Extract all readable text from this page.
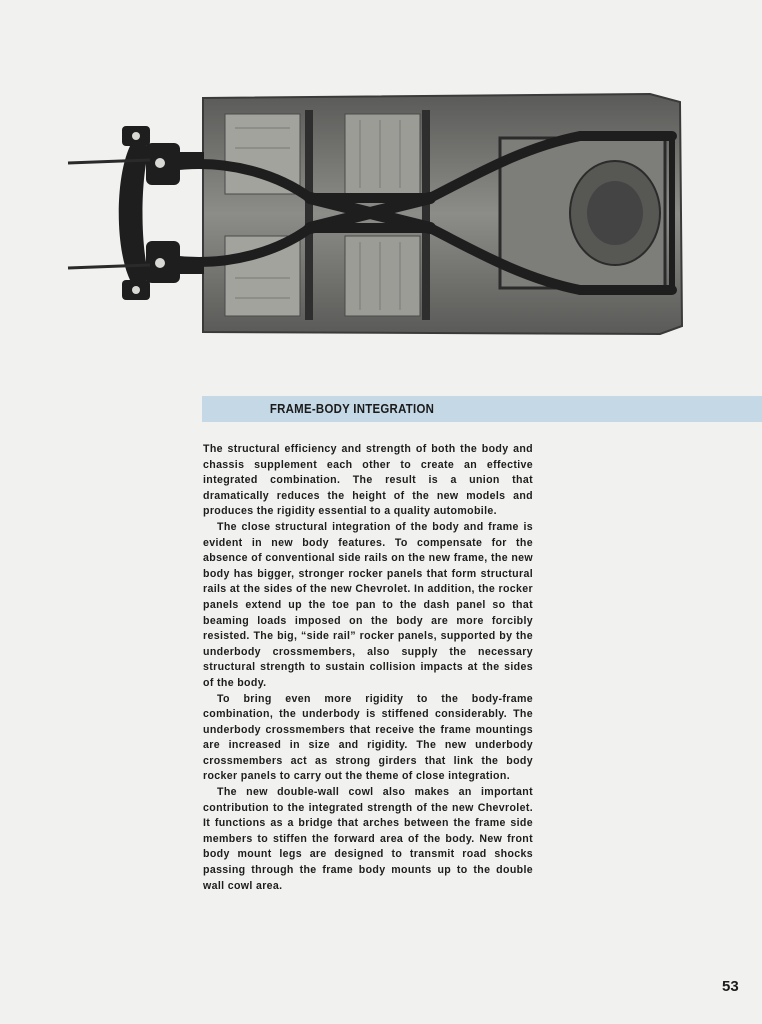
FRAME-BODY INTEGRATION

The structural efficiency and strength of both the body and chassis supplement each other to create an effective integrated combination. The result is a union that dramatically reduces the height of the new models and produces the rigidity essential to a quality automobile.

The close structural integration of the body and frame is evident in new body features. To compensate for the absence of conventional side rails on the new frame, the new body has bigger, stronger rocker panels that form structural rails at the sides of the new Chevrolet. In addition, the rocker panels extend up the toe pan to the dash panel so that beaming loads imposed on the body are more forcibly resisted. The big, “side rail” rocker panels, supported by the underbody crossmembers, also supply the necessary structural strength to sustain collision impacts at the sides of the body.

To bring even more rigidity to the body-frame combination, the underbody is stiffened considerably. The underbody crossmembers that receive the frame mountings are increased in size and rigidity. The new underbody crossmembers act as strong girders that link the body rocker panels to carry out the theme of close integration.

The new double-wall cowl also makes an important contribution to the integrated strength of the new Chevrolet. It functions as a bridge that arches between the frame side members to stiffen the forward area of the body. New front body mount legs are designed to transmit road shocks passing through the frame body mounts up to the double wall cowl area.

53
